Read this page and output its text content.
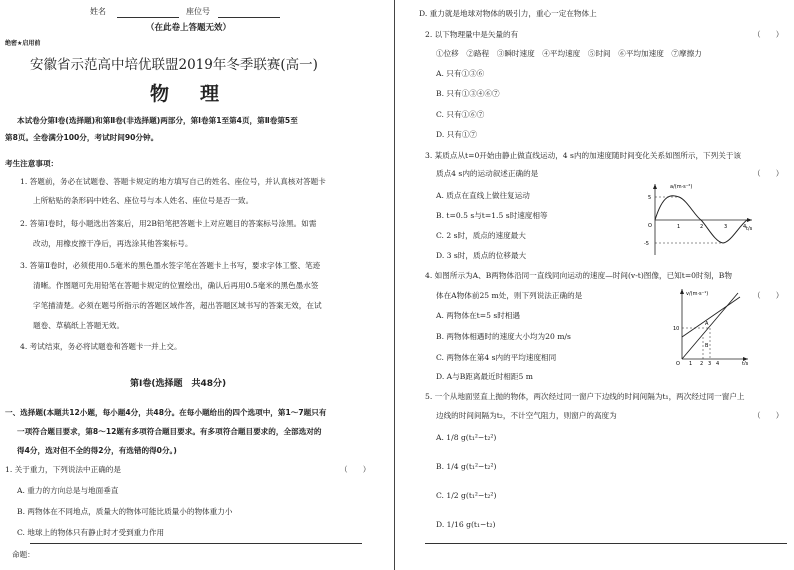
姓名	座位号
（在此卷上答题无效）
绝密★启用前
安徽省示范高中培优联盟2019年冬季联赛(高一)
物　理
本试卷分第Ⅰ卷(选择题)和第Ⅱ卷(非选择题)两部分，第Ⅰ卷第1至第4页，第Ⅱ卷第5至
第8页。全卷满分100分，考试时间90分钟。
考生注意事项：
1. 答题前，务必在试题卷、答题卡规定的地方填写自己的姓名、座位号，并认真核对答题卡
上所粘贴的条形码中姓名、座位号与本人姓名、座位号是否一致。
2. 答第Ⅰ卷时，每小题选出答案后，用2B铅笔把答题卡上对应题目的答案标号涂黑。如需
改动，用橡皮擦干净后，再选涂其他答案标号。
3. 答第Ⅱ卷时，必须使用0.5毫米的黑色墨水签字笔在答题卡上书写，要求字体工整、笔迹
清晰。作图题可先用铅笔在答题卡规定的位置绘出，确认后再用0.5毫米的黑色墨水签
字笔描清楚。必须在题号所指示的答题区域作答，超出答题区域书写的答案无效，在试
题卷、草稿纸上答题无效。
4. 考试结束，务必将试题卷和答题卡一并上交。
第Ⅰ卷(选择题　共48分)
一、选择题(本题共12小题，每小题4分，共48分。在每小题给出的四个选项中，第1～7题只有
一项符合题目要求，第8～12题有多项符合题目要求。有多项符合题目要求的，全部选对的
得4分，选对但不全的得2分，有选错的得0分。)
1. 关于重力，下列说法中正确的是	（　　）
A. 重力的方向总是与地面垂直
B. 两物体在不同地点，质量大的物体可能比质量小的物体重力小
C. 地球上的物体只有静止时才受到重力作用
命题：
D. 重力就是地球对物体的吸引力，重心一定在物体上
2. 以下物理量中是矢量的有	（　　）
①位移　②路程　③瞬时速度　④平均速度　⑤时间　⑥平均加速度　⑦摩擦力
A. 只有①③⑥
B. 只有①③④⑥⑦
C. 只有①⑥⑦
D. 只有①⑦
3. 某质点从t=0开始由静止做直线运动，4 s内的加速度随时间变化关系如图所示，下列关于该
质点4 s内的运动叙述正确的是	（　　）
A. 质点在直线上做往复运动
B. t=0.5 s与t=1.5 s时速度相等
C. 2 s时，质点的速度最大
D. 3 s时，质点的位移最大
a/(m·s⁻²)
t/s
5
-5
O	1	2	3	4
4. 如图所示为A、B两物体沿同一直线同向运动的速度—时间(v-t)图像，已知t=0时刻，B物
体在A物体前25 m处，则下列说法正确的是	（　　）
A. 两物体在t=5 s时相遇
B. 两物体相遇时的速度大小均为20 m/s
C. 两物体在第4 s内的平均速度相同
D. A与B距离最近时相距5 m
v/(m·s⁻¹)
t/s
10
O 1 2 3 4
A
B
5. 一个从地面竖直上抛的物体，两次经过同一窗户下边线的时间间隔为t₁，两次经过同一窗户上
边线的时间间隔为t₂，不计空气阻力，则窗户的高度为	（　　）
A. 1/8 g(t₁²−t₂²)
B. 1/4 g(t₁²−t₂²)
C. 1/2 g(t₁²−t₂²)
D. 1/16 g(t₁−t₂)
